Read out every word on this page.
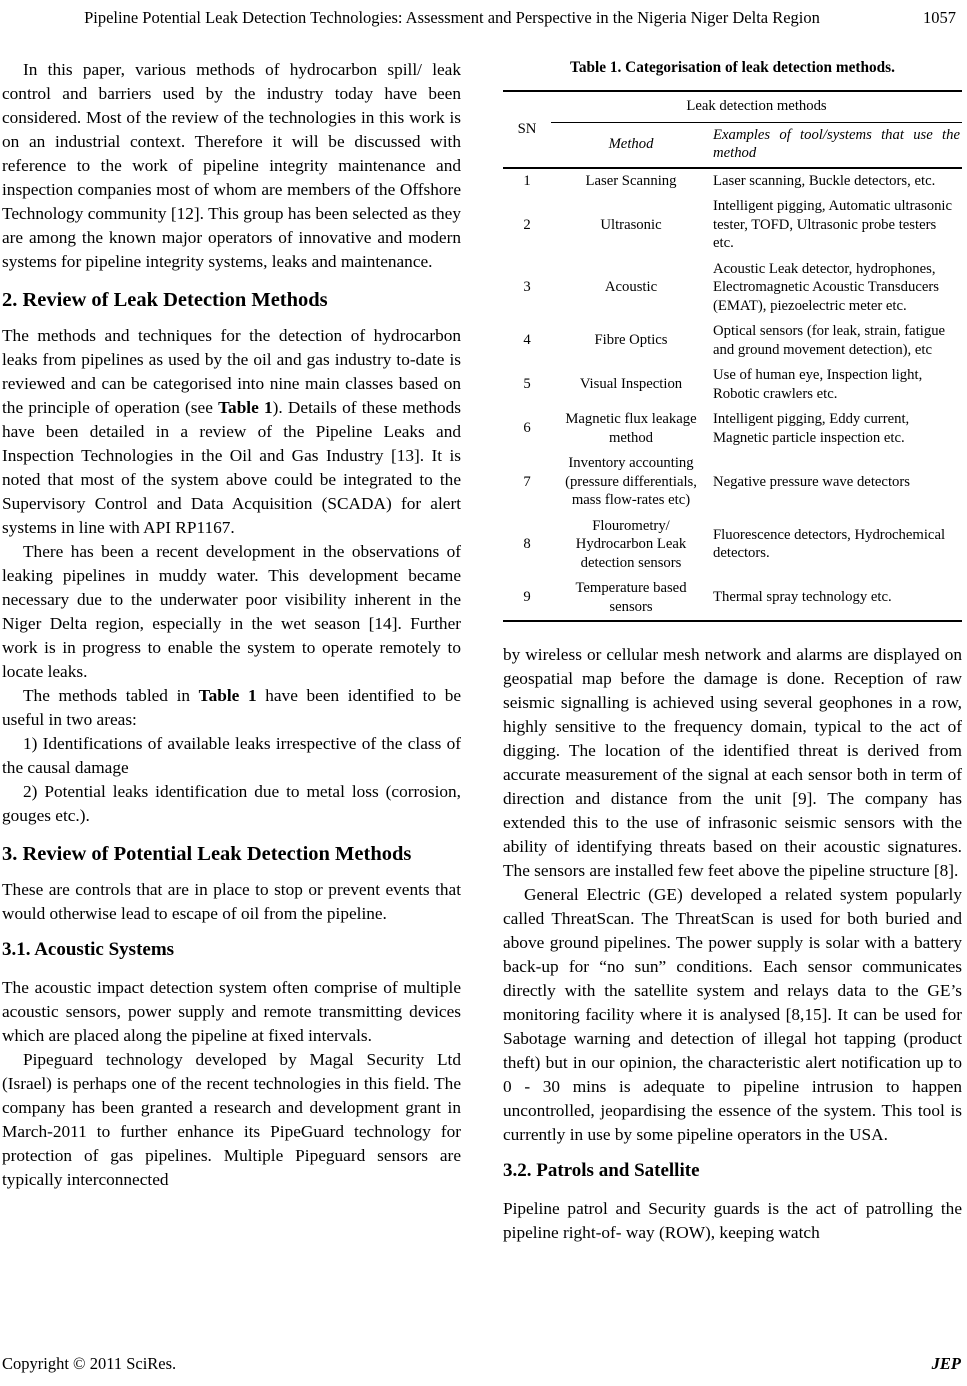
Pipeline Potential Leak Detection Technologies: Assessment and Perspective in the Nigeria Niger Delta Region	1057

In this paper, various methods of hydrocarbon spill/ leak control and barriers used by the industry today have been considered. Most of the review of the technologies in this work is on an industrial context. Therefore it will be discussed with reference to the work of pipeline integrity maintenance and inspection companies most of whom are members of the Offshore Technology community [12]. This group has been selected as they are among the known major operators of innovative and modern systems for pipeline integrity systems, leaks and maintenance.

2. Review of Leak Detection Methods

The methods and techniques for the detection of hydrocarbon leaks from pipelines as used by the oil and gas industry to-date is reviewed and can be categorised into nine main classes based on the principle of operation (see Table 1). Details of these methods have been detailed in a review of the Pipeline Leaks and Inspection Technologies in the Oil and Gas Industry [13]. It is noted that most of the system above could be integrated to the Supervisory Control and Data Acquisition (SCADA) for alert systems in line with API RP1167.

There has been a recent development in the observations of leaking pipelines in muddy water. This development became necessary due to the underwater poor visibility inherent in the Niger Delta region, especially in the wet season [14]. Further work is in progress to enable the system to operate remotely to locate leaks.

The methods tabled in Table 1 have been identified to be useful in two areas:

1) Identifications of available leaks irrespective of the class of the causal damage

2) Potential leaks identification due to metal loss (corrosion, gouges etc.).

3. Review of Potential Leak Detection Methods

These are controls that are in place to stop or prevent events that would otherwise lead to escape of oil from the pipeline.

3.1. Acoustic Systems

The acoustic impact detection system often comprise of multiple acoustic sensors, power supply and remote transmitting devices which are placed along the pipeline at fixed intervals.

Pipeguard technology developed by Magal Security Ltd (Israel) is perhaps one of the recent technologies in this field. The company has been granted a research and development grant in March-2011 to further enhance its PipeGuard technology for protection of gas pipelines. Multiple Pipeguard sensors are typically interconnected

Table 1. Categorisation of leak detection methods.
SN	Leak detection methods	
	Method	Examples of tool/systems that use the method
1	Laser Scanning	Laser scanning, Buckle detectors, etc.
2	Ultrasonic	Intelligent pigging, Automatic ultrasonic tester, TOFD, Ultrasonic probe testers etc.
3	Acoustic	Acoustic Leak detector, hydrophones, Electromagnetic Acoustic Transducers (EMAT), piezoelectric meter etc.
4	Fibre Optics	Optical sensors (for leak, strain, fatigue and ground movement detection), etc
5	Visual Inspection	Use of human eye, Inspection light, Robotic crawlers etc.
6	Magnetic flux leakage method	Intelligent pigging, Eddy current, Magnetic particle inspection etc.
7	Inventory accounting (pressure differentials, mass flow-rates etc)	Negative pressure wave detectors
8	Flourometry/ Hydrocarbon Leak detection sensors	Fluorescence detectors, Hydrochemical detectors.
9	Temperature based sensors	Thermal spray technology etc.

by wireless or cellular mesh network and alarms are displayed on geospatial map before the damage is done. Reception of raw seismic signalling is achieved using several geophones in a row, highly sensitive to the frequency domain, typical to the act of digging. The location of the identified threat is derived from accurate measurement of the signal at each sensor both in term of direction and distance from the unit [9]. The company has extended this to the use of infrasonic seismic sensors with the ability of identifying threats based on their acoustic signatures. The sensors are installed few feet above the pipeline structure [8].

General Electric (GE) developed a related system popularly called ThreatScan. The ThreatScan is used for both buried and above ground pipelines. The power supply is solar with a battery back-up for “no sun” conditions. Each sensor communicates directly with the satellite system and relays data to the GE’s monitoring facility where it is analysed [8,15]. It can be used for Sabotage warning and detection of illegal hot tapping (product theft) but in our opinion, the characteristic alert notification up to 0 - 30 mins is adequate to pipeline intrusion to happen uncontrolled, jeopardising the essence of the system. This tool is currently in use by some pipeline operators in the USA.

3.2. Patrols and Satellite

Pipeline patrol and Security guards is the act of patrolling the pipeline right-of- way (ROW), keeping watch

Copyright © 2011 SciRes.	JEP
